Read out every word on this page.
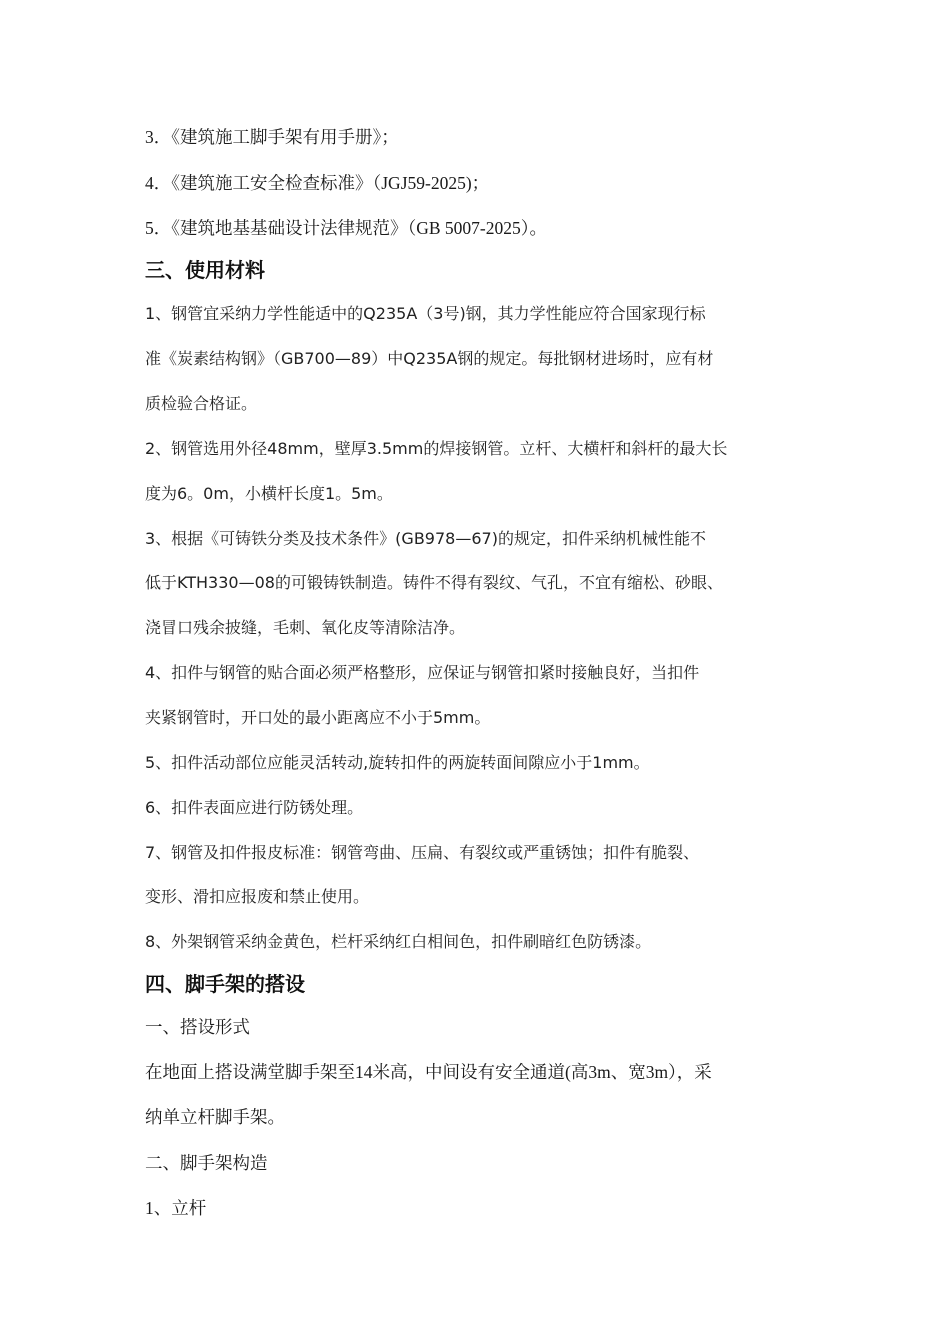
3．《建筑施工脚手架有用手册》；
4．《建筑施工安全检查标准》（JGJ59-2025)；
5．《建筑地基基础设计法律规范》（GB 5007-2025）。
三、使用材料
1、钢管宜采纳力学性能适中的Q235A（3号)钢，其力学性能应符合国家现行标
准《炭素结构钢》（GB700—89）中Q235A钢的规定。每批钢材进场时，应有材
质检验合格证。
2、钢管选用外径48mm，壁厚3.5mm的焊接钢管。立杆、大横杆和斜杆的最大长
度为6。0m，小横杆长度1。5m。
3、根据《可铸铁分类及技术条件》(GB978—67)的规定，扣件采纳机械性能不
低于KTH330—08的可锻铸铁制造。铸件不得有裂纹、气孔，不宜有缩松、砂眼、
浇冒口残余披缝，毛刺、氧化皮等清除洁净。
4、扣件与钢管的贴合面必须严格整形，应保证与钢管扣紧时接触良好，当扣件
夹紧钢管时，开口处的最小距离应不小于5mm。
5、扣件活动部位应能灵活转动,旋转扣件的两旋转面间隙应小于1mm。
6、扣件表面应进行防锈处理。
7、钢管及扣件报皮标准：钢管弯曲、压扁、有裂纹或严重锈蚀；扣件有脆裂、
变形、滑扣应报废和禁止使用。
8、外架钢管采纳金黄色，栏杆采纳红白相间色，扣件刷暗红色防锈漆。
四、脚手架的搭设
一、搭设形式
在地面上搭设满堂脚手架至14米高，中间设有安全通道(高3m、宽3m），采
纳单立杆脚手架。
二、脚手架构造
1、立杆
